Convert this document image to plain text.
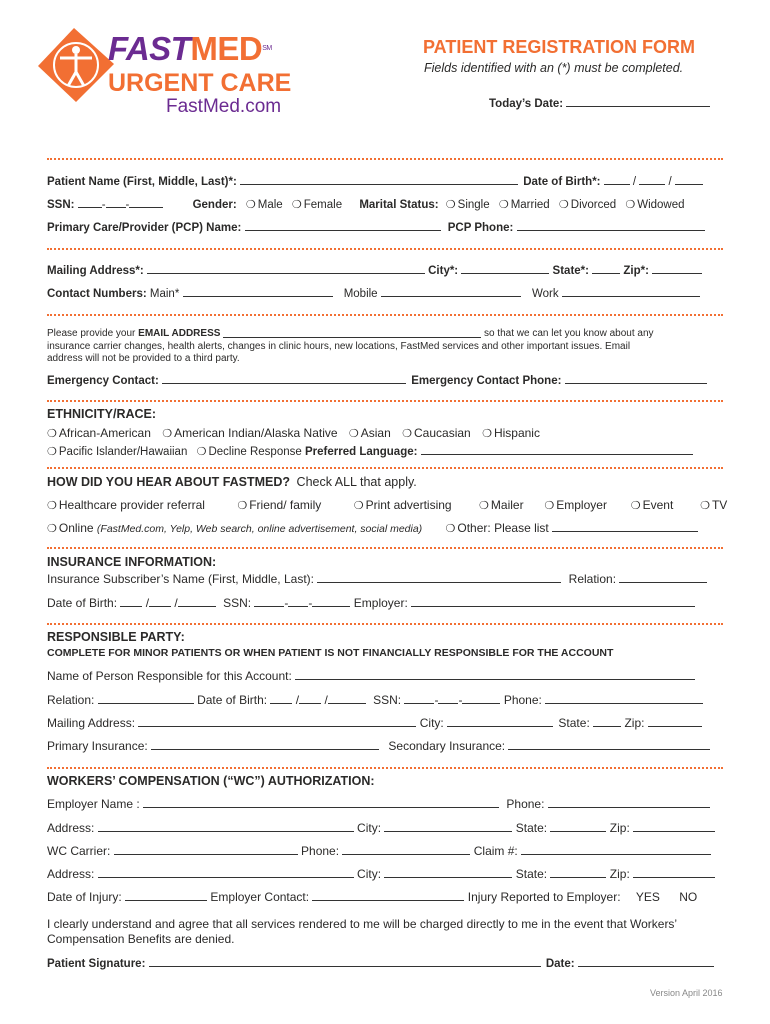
FASTMED℠
URGENT CARE
FastMed.com
PATIENT REGISTRATION FORM
Fields identified with an (*) must be completed.
Today’s Date:
Patient Name (First, Middle, Last)*:	Date of Birth*:	/  /
SSN: - -	Gender: ❍ Male ❍ Female Marital Status: ❍ Single ❍ Married ❍ Divorced ❍ Widowed
Primary Care/Provider (PCP) Name:	PCP Phone:
Mailing Address*:	City*:	State*:	Zip*:
Contact Numbers: Main*	Mobile	Work
Please provide your EMAIL ADDRESS	so that we can let you know about any
insurance carrier changes, health alerts, changes in clinic hours, new locations, FastMed services and other important issues. Email
address will not be provided to a third party.
Emergency Contact:	Emergency Contact Phone:
ETHNICITY/RACE:
❍ African-American ❍ American Indian/Alaska Native ❍ Asian ❍ Caucasian ❍ Hispanic
❍ Pacific Islander/Hawaiian ❍ Decline Response Preferred Language:
HOW DID YOU HEAR ABOUT FASTMED? Check ALL that apply.
❍ Healthcare provider referral	❍ Friend/ family	❍ Print advertising ❍ Mailer ❍ Employer ❍ Event ❍ TV
❍ Online (FastMed.com, Yelp, Web search, online advertisement, social media) ❍ Other: Please list
INSURANCE INFORMATION:
Insurance Subscriber’s Name (First, Middle, Last):	Relation:
Date of Birth:  / /	SSN:	- -	Employer:
RESPONSIBLE PARTY:
COMPLETE FOR MINOR PATIENTS OR WHEN PATIENT IS NOT FINANCIALLY RESPONSIBLE FOR THE ACCOUNT
Name of Person Responsible for this Account:
Relation:	Date of Birth:  / /	SSN:	- -	Phone:
Mailing Address:	City:	State:	Zip:
Primary Insurance:	Secondary Insurance:
WORKERS’ COMPENSATION (“WC”) AUTHORIZATION:
Employer Name :	Phone:
Address:	City:	State:	Zip:
WC Carrier:	Phone:	Claim #:
Address:	City:	State:	Zip:
Date of Injury:	Employer Contact:	Injury Reported to Employer: YES NO
I clearly understand and agree that all services rendered to me will be charged directly to me in the event that Workers’
Compensation Benefits are denied.
Patient Signature:	Date:
Version April 2016
